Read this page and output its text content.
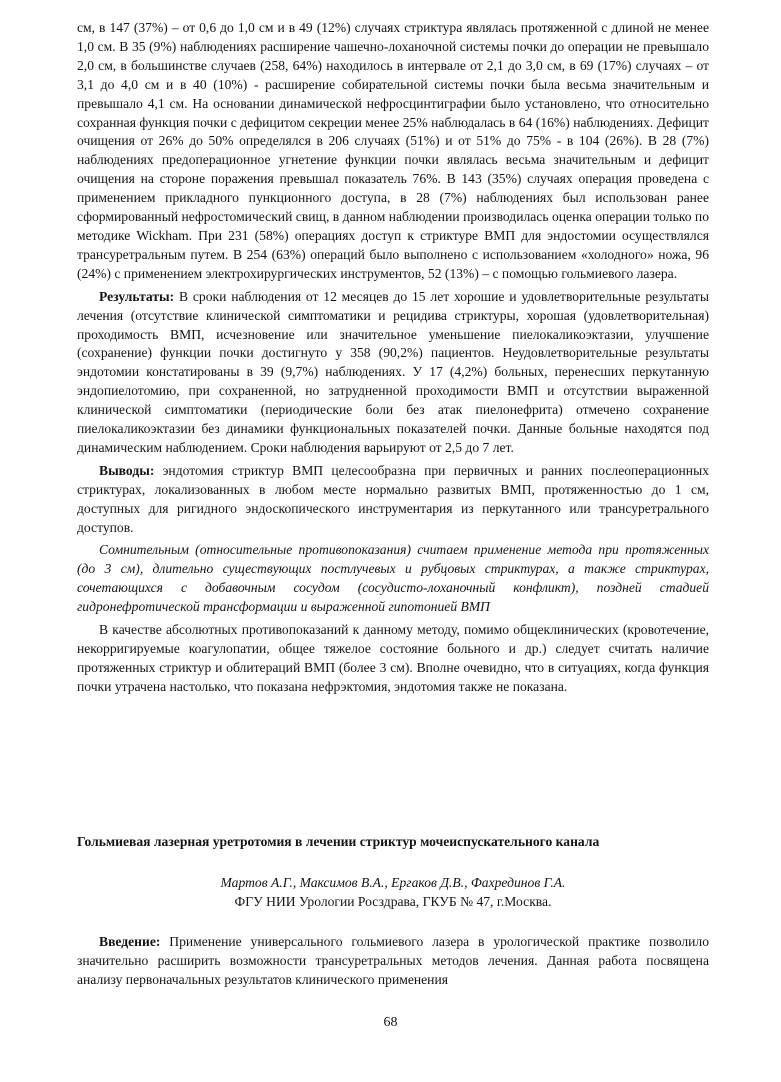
см, в 147 (37%) – от 0,6 до 1,0 см и в 49 (12%) случаях стриктура являлась протяженной с длиной не менее 1,0 см. В 35 (9%) наблюдениях расширение чашечно-лоханочной системы почки до операции не превышало 2,0 см, в большинстве случаев (258, 64%) находилось в интервале от 2,1 до 3,0 см, в 69 (17%) случаях – от 3,1 до 4,0 см и в 40 (10%) - расширение собирательной системы почки была весьма значительным и превышало 4,1 см. На основании динамической нефросцинтиграфии было установлено, что относительно сохранная функция почки с дефицитом секреции менее 25% наблюдалась в 64 (16%) наблюдениях. Дефицит очищения от 26% до 50% определялся в 206 случаях (51%) и от 51% до 75% - в 104 (26%). В 28 (7%) наблюдениях предоперационное угнетение функции почки являлась весьма значительным и дефицит очищения на стороне поражения превышал показатель 76%. В 143 (35%) случаях операция проведена с применением прикладного пункционного доступа, в 28 (7%) наблюдениях был использован ранее сформированный нефростомический свищ, в данном наблюдении производилась оценка операции только по методике Wickham. При 231 (58%) операциях доступ к стриктуре ВМП для эндостомии осуществлялся трансуретральным путем. В 254 (63%) операций было выполнено с использованием «холодного» ножа, 96 (24%) с применением электрохирургических инструментов, 52 (13%) – с помощью гольмиевого лазера.

Результаты: В сроки наблюдения от 12 месяцев до 15 лет хорошие и удовлетворительные результаты лечения (отсутствие клинической симптоматики и рецидива стриктуры, хорошая (удовлетворительная) проходимость ВМП, исчезновение или значительное уменьшение пиелокаликоэктазии, улучшение (сохранение) функции почки достигнуто у 358 (90,2%) пациентов. Неудовлетворительные результаты эндотомии констатированы в 39 (9,7%) наблюдениях. У 17 (4,2%) больных, перенесших перкутанную эндопиелотомию, при сохраненной, но затрудненной проходимости ВМП и отсутствии выраженной клинической симптоматики (периодические боли без атак пиелонефрита) отмечено сохранение пиелокаликоэктазии без динамики функциональных показателей почки. Данные больные находятся под динамическим наблюдением. Сроки наблюдения варьируют от 2,5 до 7 лет.

Выводы: эндотомия стриктур ВМП целесообразна при первичных и ранних послеоперационных стриктурах, локализованных в любом месте нормально развитых ВМП, протяженностью до 1 см, доступных для ригидного эндоскопического инструментария из перкутанного или трансуретрального доступов.

Сомнительным (относительные противопоказания) считаем применение метода при протяженных (до 3 см), длительно существующих постлучевых и рубцовых стриктурах, а также стриктурах, сочетающихся с добавочным сосудом (сосудисто-лоханочный конфликт), поздней стадией гидронефротической трансформации и выраженной гипотонией ВМП

В качестве абсолютных противопоказаний к данному методу, помимо общеклинических (кровотечение, некорригируемые коагулопатии, общее тяжелое состояние больного и др.) следует считать наличие протяженных стриктур и облитераций ВМП (более 3 см). Вполне очевидно, что в ситуациях, когда функция почки утрачена настолько, что показана нефрэктомия, эндотомия также не показана.

Гольмиевая лазерная уретротомия в лечении стриктур мочеиспускательного канала
Мартов А.Г., Максимов В.А., Ергаков Д.В., Фахрединов Г.А.
ФГУ НИИ Урологии Росздрава, ГКУБ № 47, г.Москва.

Введение: Применение универсального гольмиевого лазера в урологической практике позволило значительно расширить возможности трансуретральных методов лечения. Данная работа посвящена анализу первоначальных результатов клинического применения

68
